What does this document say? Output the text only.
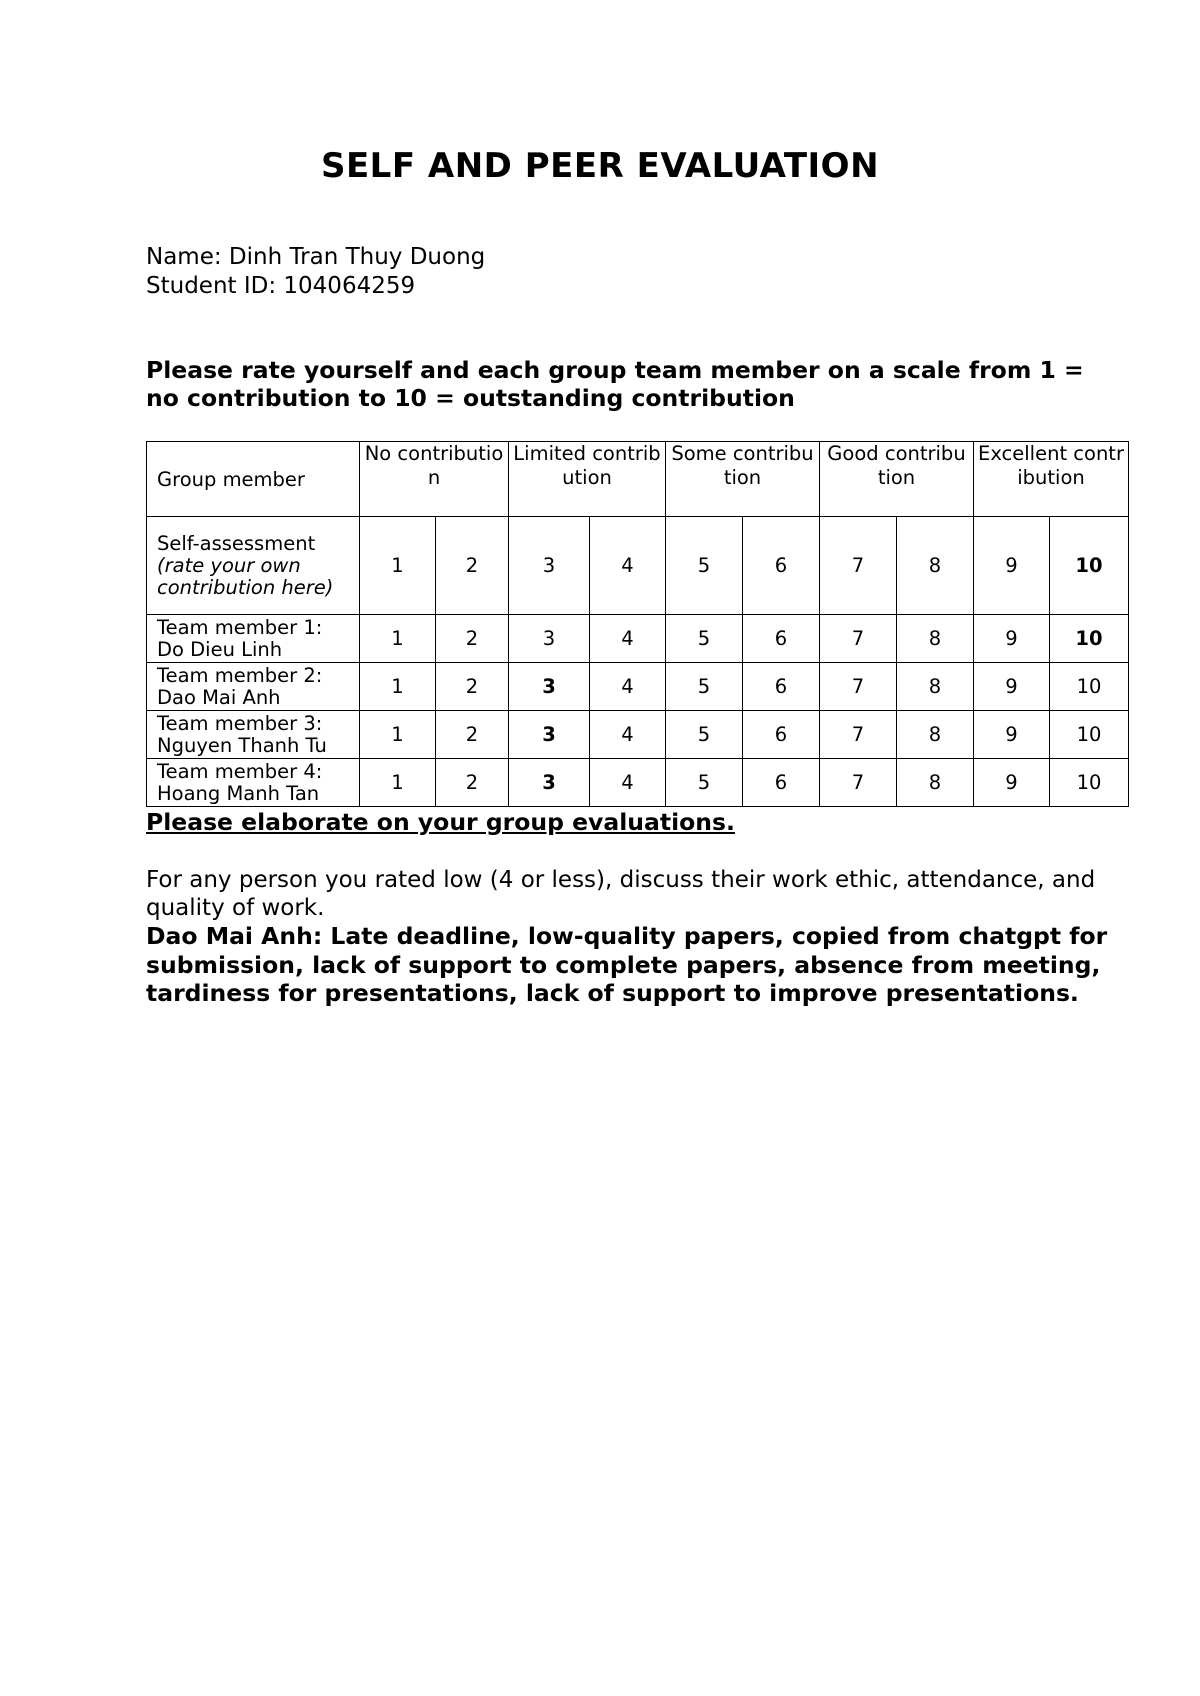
SELF AND PEER EVALUATION
Name: Dinh Tran Thuy Duong
Student ID: 104064259
Please rate yourself and each group team member on a scale from 1 = no contribution to 10 = outstanding contribution
Group member	No contribution		Limited contribution		Some contribution		Good contribution		Excellent contribution	

Self-assessment
(rate your own contribution here)	1	2	3	4	5	6	7	8	9	10

Team member 1:
Do Dieu Linh	1	2	3	4	5	6	7	8	9	10

Team member 2:
Dao Mai Anh	1	2	3	4	5	6	7	8	9	10

Team member 3:
Nguyen Thanh Tu	1	2	3	4	5	6	7	8	9	10

Team member 4:
Hoang Manh Tan	1	2	3	4	5	6	7	8	9	10
Please elaborate on your group evaluations.
For any person you rated low (4 or less), discuss their work ethic, attendance, and quality of work.
Dao Mai Anh: Late deadline, low-quality papers, copied from chatgpt for submission, lack of support to complete papers, absence from meeting, tardiness for presentations, lack of support to improve presentations.
